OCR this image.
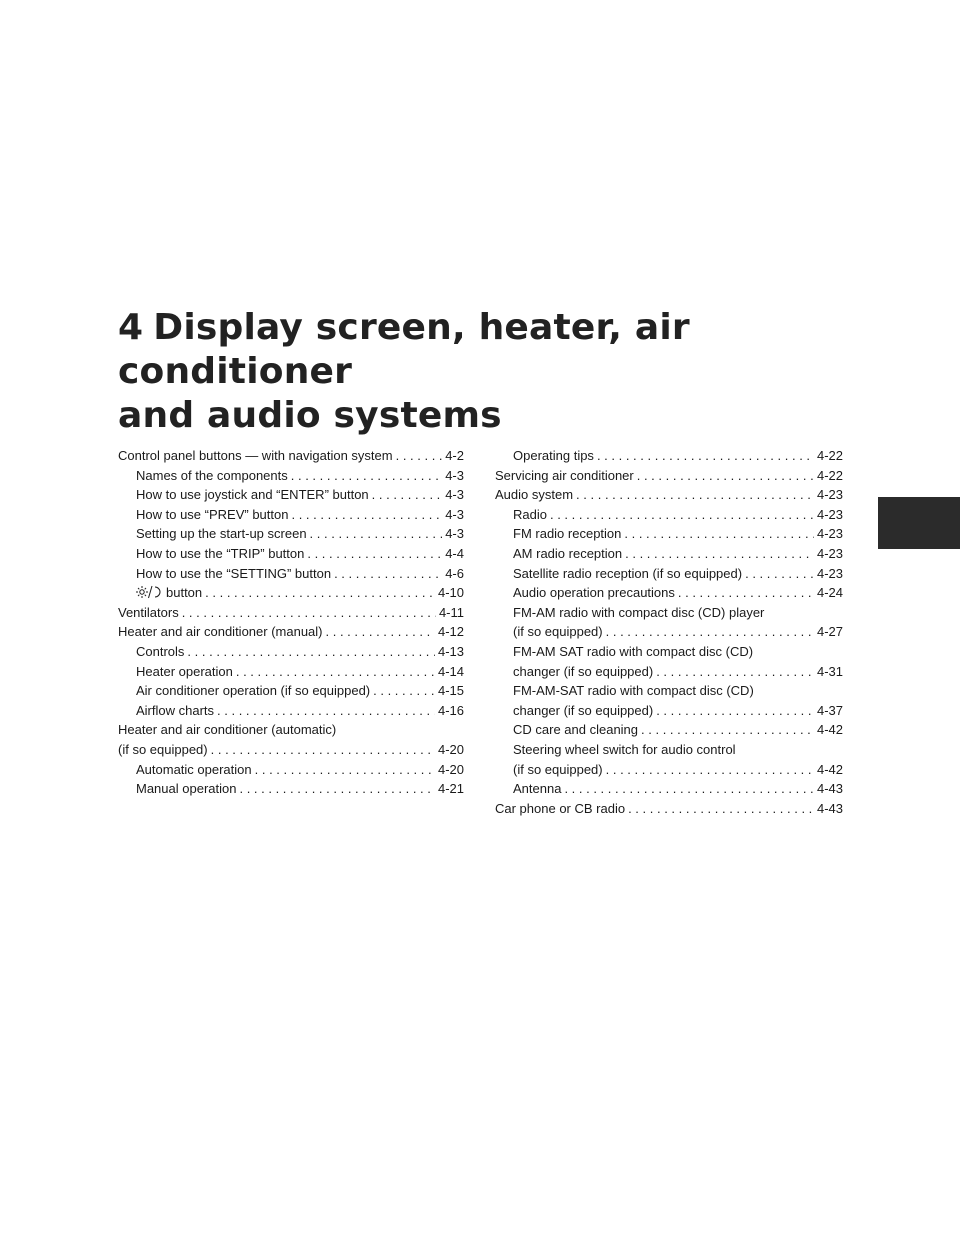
4 Display screen, heater, air conditioner
and audio systems
Control panel buttons — with navigation system . . .	4-2
Names of the components . . .	4-3
How to use joystick and “ENTER” button . . .	4-3
How to use “PREV” button . . .	4-3
Setting up the start-up screen . . .	4-3
How to use the “TRIP” button . . .	4-4
How to use the “SETTING” button . . .	4-6
button . . .	4-10
Ventilators . . .	4-11
Heater and air conditioner (manual) . . .	4-12
Controls . . .	4-13
Heater operation . . .	4-14
Air conditioner operation (if so equipped) . . .	4-15
Airflow charts . . .	4-16
Heater and air conditioner (automatic)
(if so equipped) . . .	4-20
Automatic operation . . .	4-20
Manual operation . . .	4-21
Operating tips . . .	4-22
Servicing air conditioner . . .	4-22
Audio system . . .	4-23
Radio . . .	4-23
FM radio reception . . .	4-23
AM radio reception . . .	4-23
Satellite radio reception (if so equipped) . . .	4-23
Audio operation precautions . . .	4-24
FM-AM radio with compact disc (CD) player
(if so equipped) . . .	4-27
FM-AM SAT radio with compact disc (CD)
changer (if so equipped) . . .	4-31
FM-AM-SAT radio with compact disc (CD)
changer (if so equipped) . . .	4-37
CD care and cleaning . . .	4-42
Steering wheel switch for audio control
(if so equipped) . . .	4-42
Antenna . . .	4-43
Car phone or CB radio . . .	4-43
